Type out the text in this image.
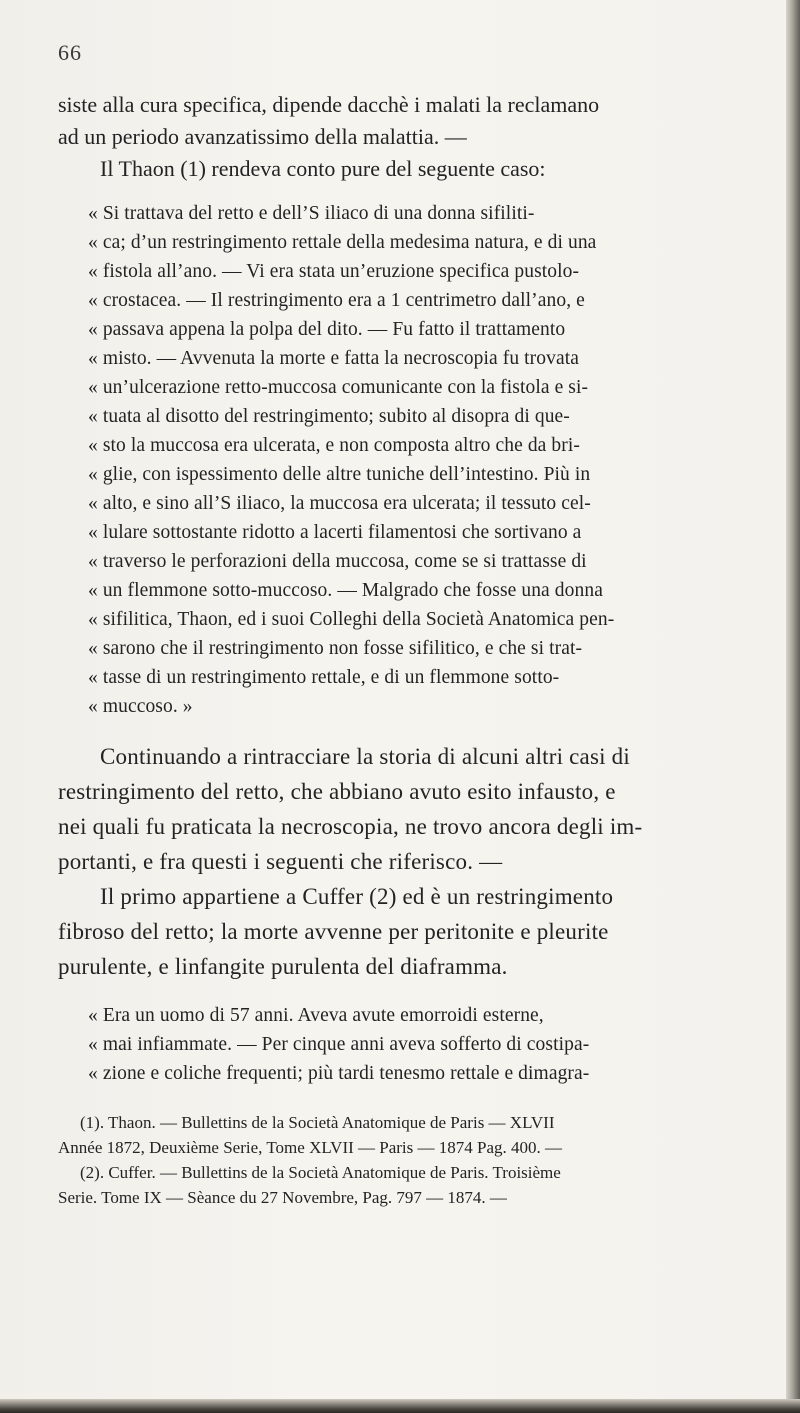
66
siste alla cura specifica, dipende dacchè i malati la reclamano
ad un periodo avanzatissimo della malattia. —
Il Thaon (1) rendeva conto pure del seguente caso:
« Si trattava del retto e dell’S iliaco di una donna sifiliti-
« ca; d’un restringimento rettale della medesima natura, e di una
« fistola all’ano. — Vi era stata un’eruzione specifica pustolo-
« crostacea. — Il restringimento era a 1 centrimetro dall’ano, e
« passava appena la polpa del dito. — Fu fatto il trattamento
« misto. — Avvenuta la morte e fatta la necroscopia fu trovata
« un’ulcerazione retto-muccosa comunicante con la fistola e si-
« tuata al disotto del restringimento; subito al disopra di que-
« sto la muccosa era ulcerata, e non composta altro che da bri-
« glie, con ispessimento delle altre tuniche dell’intestino. Più in
« alto, e sino all’S iliaco, la muccosa era ulcerata; il tessuto cel-
« lulare sottostante ridotto a lacerti filamentosi che sortivano a
« traverso le perforazioni della muccosa, come se si trattasse di
« un flemmone sotto-muccoso. — Malgrado che fosse una donna
« sifilitica, Thaon, ed i suoi Colleghi della Società Anatomica pen-
« sarono che il restringimento non fosse sifilitico, e che si trat-
« tasse di un restringimento rettale, e di un flemmone sotto-
« muccoso. »
Continuando a rintracciare la storia di alcuni altri casi di
restringimento del retto, che abbiano avuto esito infausto, e
nei quali fu praticata la necroscopia, ne trovo ancora degli im-
portanti, e fra questi i seguenti che riferisco. —
Il primo appartiene a Cuffer (2) ed è un restringimento
fibroso del retto; la morte avvenne per peritonite e pleurite
purulente, e linfangite purulenta del diaframma.
« Era un uomo di 57 anni. Aveva avute emorroidi esterne,
« mai infiammate. — Per cinque anni aveva sofferto di costipa-
« zione e coliche frequenti; più tardi tenesmo rettale e dimagra-
(1). Thaon. — Bullettins de la Società Anatomique de Paris — XLVII
Année 1872, Deuxième Serie, Tome XLVII — Paris — 1874 Pag. 400. —
(2). Cuffer. — Bullettins de la Società Anatomique de Paris. Troisième
Serie. Tome IX — Sèance du 27 Novembre, Pag. 797 — 1874. —
